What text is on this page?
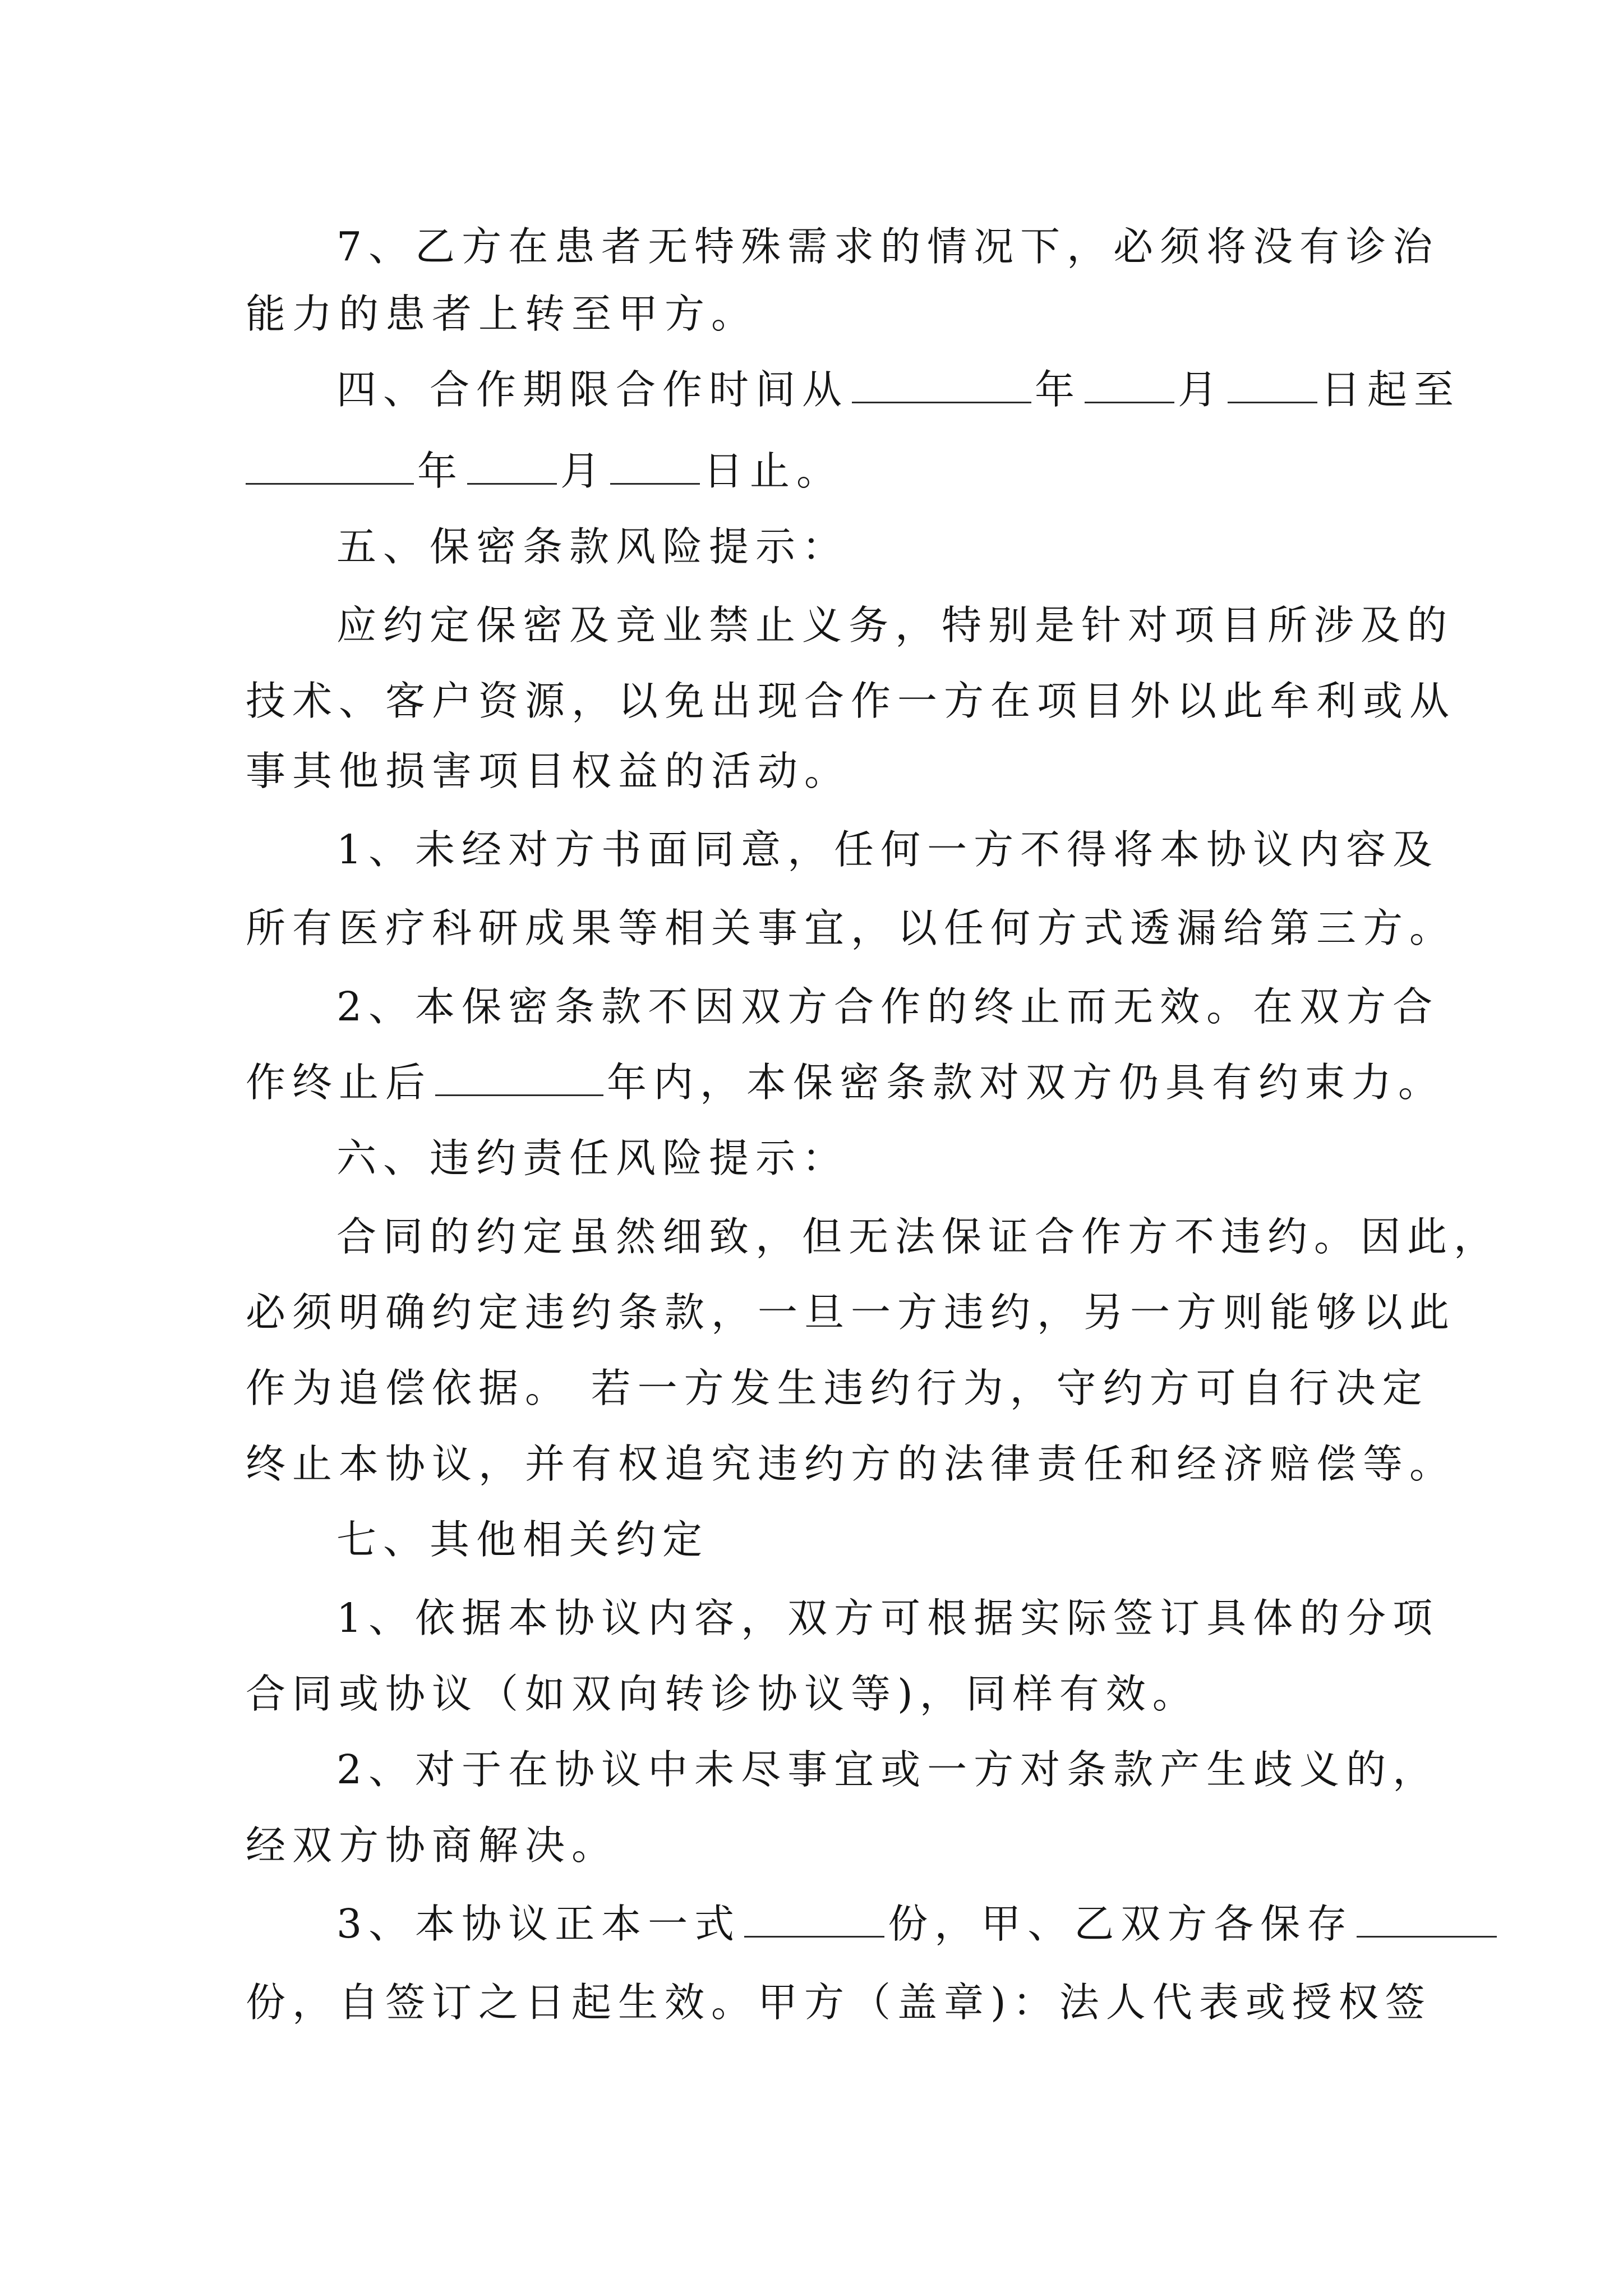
7、乙方在患者无特殊需求的情况下，必须将没有诊治
能力的患者上转至甲方。
四、合作期限合作时间从	年 月 日起至
年 月 日止。
五、保密条款风险提示：
应约定保密及竞业禁止义务，特别是针对项目所涉及的
技术、客户资源，以免出现合作一方在项目外以此牟利或从
事其他损害项目权益的活动。
1、未经对方书面同意，任何一方不得将本协议内容及
所有医疗科研成果等相关事宜，以任何方式透漏给第三方。
2、本保密条款不因双方合作的终止而无效。在双方合
作终止后	年内，本保密条款对双方仍具有约束力。
六、违约责任风险提示：
合同的约定虽然细致，但无法保证合作方不违约。因此，
必须明确约定违约条款，一旦一方违约，另一方则能够以此
作为追偿依据。 若一方发生违约行为，守约方可自行决定
终止本协议，并有权追究违约方的法律责任和经济赔偿等。
七、其他相关约定
1、依据本协议内容，双方可根据实际签订具体的分项
合同或协议（如双向转诊协议等)，同样有效。
2、对于在协议中未尽事宜或一方对条款产生歧义的，
经双方协商解决。
3、本协议正本一式	份，甲、乙双方各保存
份，自签订之日起生效。甲方（盖章)：法人代表或授权签
